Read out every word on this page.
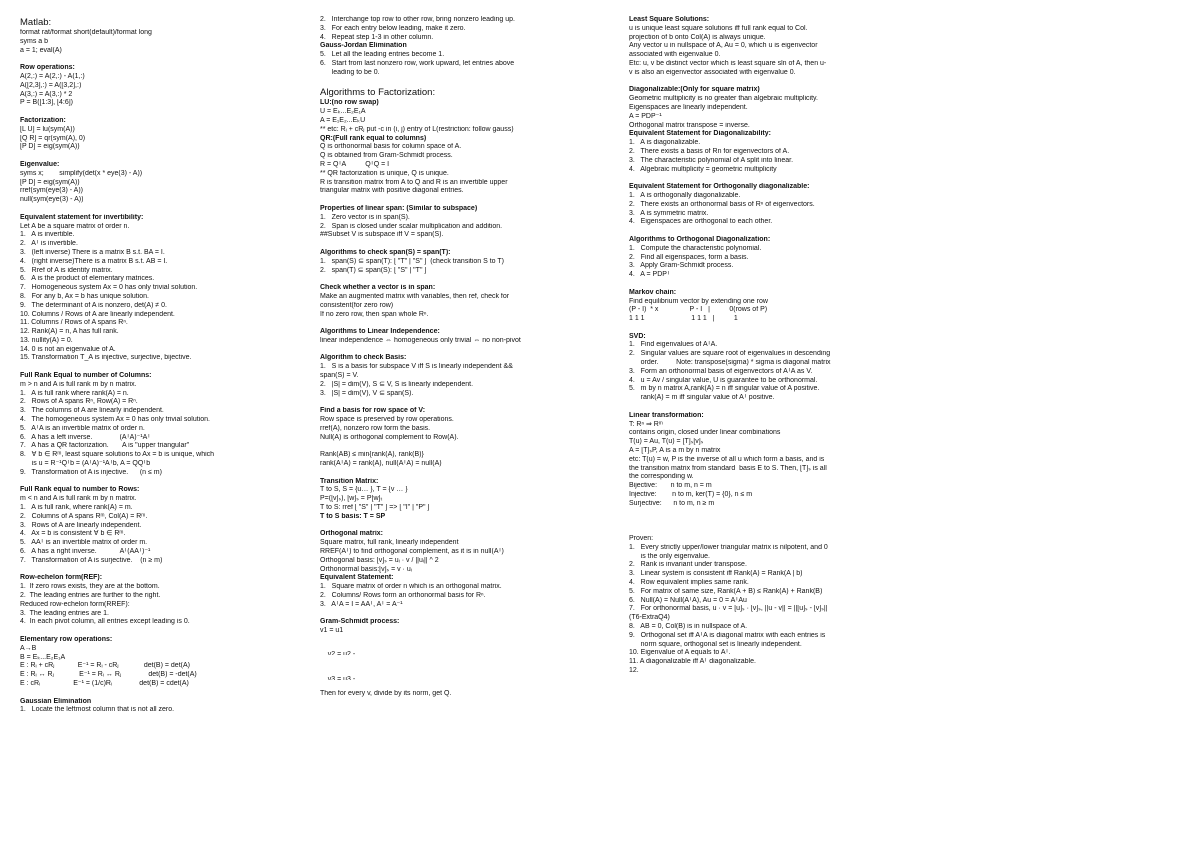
Matlab:
format rat/format short(default)/format long
syms a b
a = 1; eval(A)
Row operations:
A(2,:) = A(2,:) - A(1,:)
A([2,3],:) = A([3,2],:)
A(3,:) = A(3,:) * 2
P = B([1:3], [4:6])
Factorization:
[L U] = lu(sym(A))
[Q R] = qr(sym(A), 0)
[P D] = eig(sym(A))
Eigenvalue:
syms x;        simplify(det(x * eye(3) - A))
[P D] = eig(sym(A))
rref(sym(eye(3) - A))
null(sym(eye(3) - A))
Equivalent statement for invertibility:
Let A be a square matrix of order n.
1.   A is invertible.
2.   Aᵀ is invertible.
3.   (left inverse) There is a matrix B s.t. BA = I.
4.   (right inverse)There is a matrix B s.t. AB = I.
5.   Rref of A is identity matrix.
6.   A is the product of elementary matrices.
7.   Homogeneous system Ax = 0 has only trivial solution.
8.   For any b, Ax = b has unique solution.
9.   The determinant of A is nonzero, det(A) ≠ 0.
10. Columns / Rows of A are linearly independent.
11. Columns / Rows of A spans Rⁿ.
12. Rank(A) = n, A has full rank.
13. nullity(A) = 0.
14. 0 is not an eigenvalue of A.
15. Transformation T_A is injective, surjective, bijective.
Full Rank Equal to number of Columns:
m > n and A is full rank m by n matrix.
1.   A is full rank where rank(A) = n.
2.   Rows of A spans Rⁿ, Row(A) = Rⁿ.
3.   The columns of A are linearly independent.
4.   The homogeneous system Ax = 0 has only trivial solution.
5.   AᵀA is an invertible matrix of order n.
6.   A has a left inverse.              (AᵀA)⁻¹Aᵀ
7.   A has a QR factorization.       A is "upper triangular"
8.   ∀ b ∈ Rᵐ, least square solutions to Ax = b is unique, which
is u = R⁻¹Qᵀb = (AᵀA)⁻¹Aᵀb, A = QQᵀb
9.   Transformation of A is injective.      (n ≤ m)
Full Rank equal to number to Rows:
m < n and A is full rank m by n matrix.
1.   A is full rank, where rank(A) = m.
2.   Columns of A spans Rᵐ, Col(A) = Rᵐ.
3.   Rows of A are linearly independent.
4.   Ax = b is consistent ∀ b ∈ Rᵐ.
5.   AAᵀ is an invertible matrix of order m.
6.   A has a right inverse.            Aᵀ(AAᵀ)⁻¹
7.   Transformation of A is surjective.    (n ≥ m)
Row-echelon form(REF):
1.  If zero rows exists, they are at the bottom.
2.  The leading entries are further to the right.
Reduced row-echelon form(RREF):
3.  The leading entries are 1.
4.  In each pivot column, all entries except leading is 0.
Elementary row operations:
A→B
B = Eₖ...E₂E₁A
E : Rᵢ + cRⱼ            E⁻¹ = Rᵢ - cRⱼ             det(B) = det(A)
E : Rᵢ ↔ Rⱼ             E⁻¹ = Rᵢ ↔ Rⱼ              det(B) = -det(A)
E : cRᵢ                 E⁻¹ = (1/c)Rᵢ              det(B) = cdet(A)
Gaussian Elimination
1.   Locate the leftmost column that is not all zero.
2.   Interchange top row to other row, bring nonzero leading up.
3.   For each entry below leading, make it zero.
4.   Repeat step 1-3 in other column.
Gauss-Jordan Elimination
5.   Let all the leading entries become 1.
6.   Start from last nonzero row, work upward, let entries above
leading to be 0.
Algorithms to Factorization:
LU:(no row swap)
U = Eₖ...E₂E₁A
A = E₁E₂...EₖU
** etc: Rᵢ + cRⱼ put -c in (i, j) entry of L(restriction: follow gauss)
QR:(Full rank equal to columns)
Q is orthonormal basis for column space of A.
Q is obtained from Gram-Schmidt process.
R = QᵀA          QᵀQ = I
** QR factorization is unique, Q is unique.
R is transition matrix from A to Q and R is an invertible upper
triangular matrix with positive diagonal entries.
Properties of linear span: (Similar to subspace)
1.   Zero vector is in span(S).
2.   Span is closed under scalar multiplication and addition.
##Subset V is subspace iff V = span(S).
Algorithms to check span(S) = span(T):
1.   span(S) ⊆ span(T): [ "T" | "S" ]  (check transition S to T)
2.   span(T) ⊆ span(S): [ "S" | "T" ]
Check whether a vector is in span:
Make an augmented matrix with variables, then ref, check for
consistent(for zero row)
If no zero row, then span whole Rⁿ.
Algorithms to Linear Independence:
linear independence ⇔ homogeneous only trivial ⇔ no non-pivot
Algorithm to check Basis:
1.   S is a basis for subspace V iff S is linearly independent &&
span(S) = V.
2.   |S| = dim(V), S ⊆ V, S is linearly independent.
3.   |S| = dim(V), V ⊆ span(S).
Find a basis for row space of V:
Row space is preserved by row operations.
rref(A), nonzero row form the basis.
Null(A) is orthogonal complement to Row(A).
Rank(AB) ≤ min{rank(A), rank(B)}
rank(AᵀA) = rank(A), null(AᵀA) = null(A)
Transition Matrix:
T to S, S = {u… }, T = {v … }
P=([v]ₛ), [w]ₛ = P[w]ₜ
T to S: rref [ "S" | "T" ] => [ "I" | "P" ]
T to S basis: T = SP
Orthogonal matrix:
Square matrix, full rank, linearly independent
RREF(Aᵀ) to find orthogonal complement, as it is in null(Aᵀ)
Orthogonal basis: [v]ₛ = uᵢ · v / ||uᵢ|| ^ 2
Orthonormal basis:[v]ₛ = v · uᵢ
Equivalent Statement:
1.   Square matrix of order n which is an orthogonal matrix.
2.   Columns/ Rows form an orthonormal basis for Rⁿ.
3.   AᵀA = I = AAᵀ, Aᵀ = A⁻¹
Gram-Schmidt process:
v1 = u1

v2 = u2 -

v3 = u3 -

Then for every v, divide by its norm, get Q.
Least Square Solutions:
u is unique least square solutions iff full rank equal to Col.
projection of b onto Col(A) is always unique.
Any vector u in nullspace of A, Au = 0, which u is eigenvector
associated with eigenvalue 0.
Etc: u, v be distinct vector which is least square sln of A, then u-
v is also an eigenvector associated with eigenvalue 0.
Diagonalizable:(Only for square matrix)
Geometric multiplicity is no greater than algebraic multiplicity.
Eigenspaces are linearly independent.
A = PDP⁻¹
Orthogonal matrix transpose = inverse.
Equivalent Statement for Diagonalizability:
1.   A is diagonalizable.
2.   There exists a basis of Rn for eigenvectors of A.
3.   The characteristic polynomial of A split into linear.
4.   Algebraic multiplicity = geometric multiplicity
Equivalent Statement for Orthogonally diagonalizable:
1.   A is orthogonally diagonalizable.
2.   There exists an orthonormal basis of Rⁿ of eigenvectors.
3.   A is symmetric matrix.
4.   Eigenspaces are orthogonal to each other.
Algorithms to Orthogonal Diagonalization:
1.   Compute the characteristic polynomial.
2.   Find all eigenspaces, form a basis.
3.   Apply Gram-Schmidt process.
4.   A = PDPᵀ
Markov chain:
Find equilibrium vector by extending one row
(P - I)  * x                P - I   |          0(rows of P)
1 1 1                        1 1 1   |          1
SVD:
1.   Find eigenvalues of AᵀA.
2.   Singular values are square root of eigenvalues in descending
order.         Note: transpose(sigma) * sigma is diagonal matrix
3.   Form an orthonormal basis of eigenvectors of AᵀA as V.
4.   u = Av / singular value, U is guarantee to be orthonormal.
5.   m by n matrix A,rank(A) = n iff singular value of A positive.
rank(A) = m iff singular value of Aᵀ positive.
Linear transformation:
T: Rⁿ ⇒ Rᵐ
contains origin, closed under linear combinations
T(u) = Au, T(u) = [T]ₛ[v]ₛ
A = [T]ₛP, A is a m by n matrix
etc: T(u) = w, P is the inverse of all u which form a basis, and is
the transition matrix from standard  basis E to S. Then, [T]ₛ is all
the corresponding w.
Bijective:       n to m, n = m
Injective:        n to m, ker(T) = {0}, n ≤ m
Surjective:      n to m, n ≥ m
Proven:
1.   Every strictly upper/lower triangular matrix is nilpotent, and 0
is the only eigenvalue.
2.   Rank is invariant under transpose.
3.   Linear system is consistent iff Rank(A) = Rank(A | b)
4.   Row equivalent implies same rank.
5.   For matrix of same size, Rank(A + B) ≤ Rank(A) + Rank(B)
6.   Null(A) = Null(AᵀA), Au = 0 = AᵀAu
7.   For orthonormal basis, u · v = [u]ₛ · [v]ₛ, ||u - v|| = ||[u]ₛ - [v]ₛ||
(T6-ExtraQ4)
8.   AB = 0, Col(B) is in nullspace of A.
9.   Orthogonal set iff AᵀA is diagonal matrix with each entries is
norm square, orthogonal set is linearly independent.
10. Eigenvalue of A equals to Aᵀ.
11. A diagonalizable iff Aᵀ diagonalizable.
12.
